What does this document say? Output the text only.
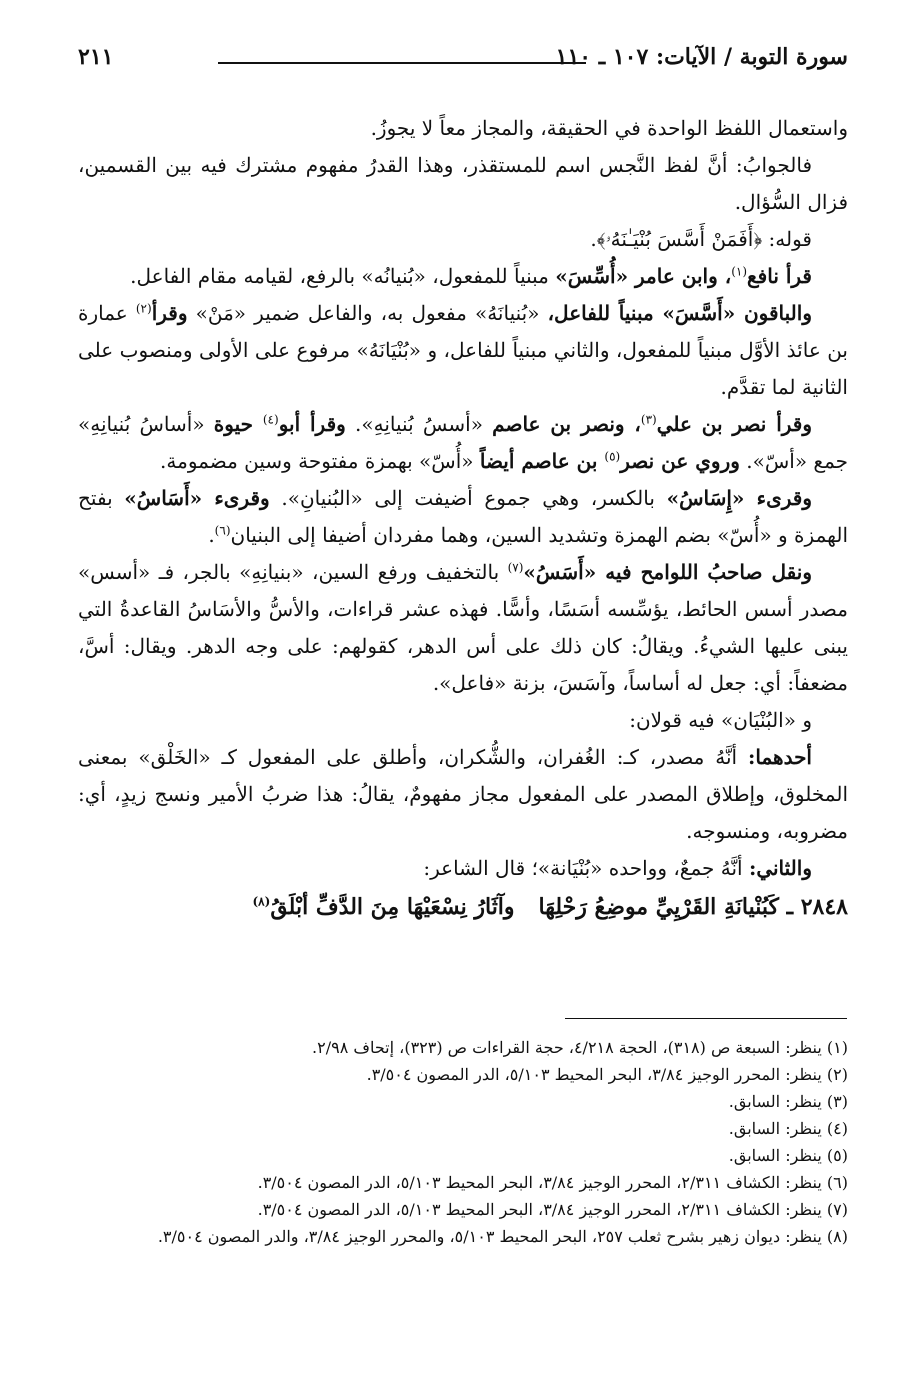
سورة التوبة / الآيات: ١٠٧ ـ ١١٠
٢١١

واستعمال اللفظ الواحدة في الحقيقة، والمجاز معاً لا يجوزُ.

فالجوابُ: أنَّ لفظ النَّجس اسم للمستقذر، وهذا القدرُ مفهوم مشترك فيه بين القسمين، فزال السُّؤال.

قوله: ﴿أَفَمَنْ أَسَّسَ بُنْيَـٰنَهُۥ﴾.

قرأ نافع$^{(١)}$، وابن عامر «أُسِّسَ» مبنياً للمفعول، «بُنيانُه» بالرفع، لقيامه مقام الفاعل.

والباقون «أَسَّسَ» مبنياً للفاعل، «بُنيانَهُ» مفعول به، والفاعل ضمير «مَنْ» وقرأ$^{(٢)}$ عمارة بن عائذ الأوَّل مبنياً للمفعول، والثاني مبنياً للفاعل، و «بُنْيَانَهُ» مرفوع على الأولى ومنصوب على الثانية لما تقدَّم.

وقرأ نصر بن علي$^{(٣)}$، ونصر بن عاصم «أسسُ بُنيانِهِ». وقرأ أبو$^{(٤)}$ حيوة «أساسُ بُنيانِهِ» جمع «أسّ». وروي عن نصر$^{(٥)}$ بن عاصم أيضاً «أُسّ» بهمزة مفتوحة وسين مضمومة.

وقرىء «إِسَاسُ» بالكسر، وهي جموع أضيفت إلى «البُنيانِ». وقرىء «أَسَاسُ» بفتح الهمزة و «أُسّ» بضم الهمزة وتشديد السين، وهما مفردان أضيفا إلى البنيان$^{(٦)}$.

ونقل صاحبُ اللوامح فيه «أَسَسُ»$^{(٧)}$ بالتخفيف ورفع السين، «بنيانِهِ» بالجر، فـ «أسس» مصدر أسس الحائط، يؤسِّسه أسَسًا، وأسًّا. فهذه عشر قراءات، والأسُّ والأسَاسُ القاعدةُ التي يبنى عليها الشيءُ. ويقالُ: كان ذلك على أس الدهر، كقولهم: على وجه الدهر. ويقال: أسَّ، مضعفاً: أي: جعل له أساساً، وآسَسَ، بزنة «فاعل».

و «البُنْيَان» فيه قولان:

أحدهما: أنَّهُ مصدر، كـ: الغُفران، والشُّكران، وأطلق على المفعول كـ «الخَلْق» بمعنى المخلوق، وإطلاق المصدر على المفعول مجاز مفهومٌ، يقالُ: هذا ضربُ الأمير ونسج زيدٍ، أي: مضروبه، ومنسوجه.

والثاني: أنَّهُ جمعٌ، وواحده «بُنْيَانة»؛ قال الشاعر:

٢٨٤٨ ـ كَبُنْيانَةِ القَرْيِيِّ موضِعُ رَحْلِهَاوآثَارُ نِسْعَيْهَا مِنَ الدَّفِّ أبْلَقُ$^{(٨)}$

(١) ينظر: السبعة ص (٣١٨)، الحجة ٤/٢١٨، حجة القراءات ص (٣٢٣)، إتحاف ٢/٩٨.
(٢) ينظر: المحرر الوجيز ٣/٨٤، البحر المحيط ٥/١٠٣، الدر المصون ٣/٥٠٤.
(٣) ينظر: السابق.
(٤) ينظر: السابق.
(٥) ينظر: السابق.
(٦) ينظر: الكشاف ٢/٣١١، المحرر الوجيز ٣/٨٤، البحر المحيط ٥/١٠٣، الدر المصون ٣/٥٠٤.
(٧) ينظر: الكشاف ٢/٣١١، المحرر الوجيز ٣/٨٤، البحر المحيط ٥/١٠٣، الدر المصون ٣/٥٠٤.
(٨) ينظر: ديوان زهير بشرح ثعلب ٢٥٧، البحر المحيط ٥/١٠٣، والمحرر الوجيز ٣/٨٤، والدر المصون ٣/٥٠٤.
